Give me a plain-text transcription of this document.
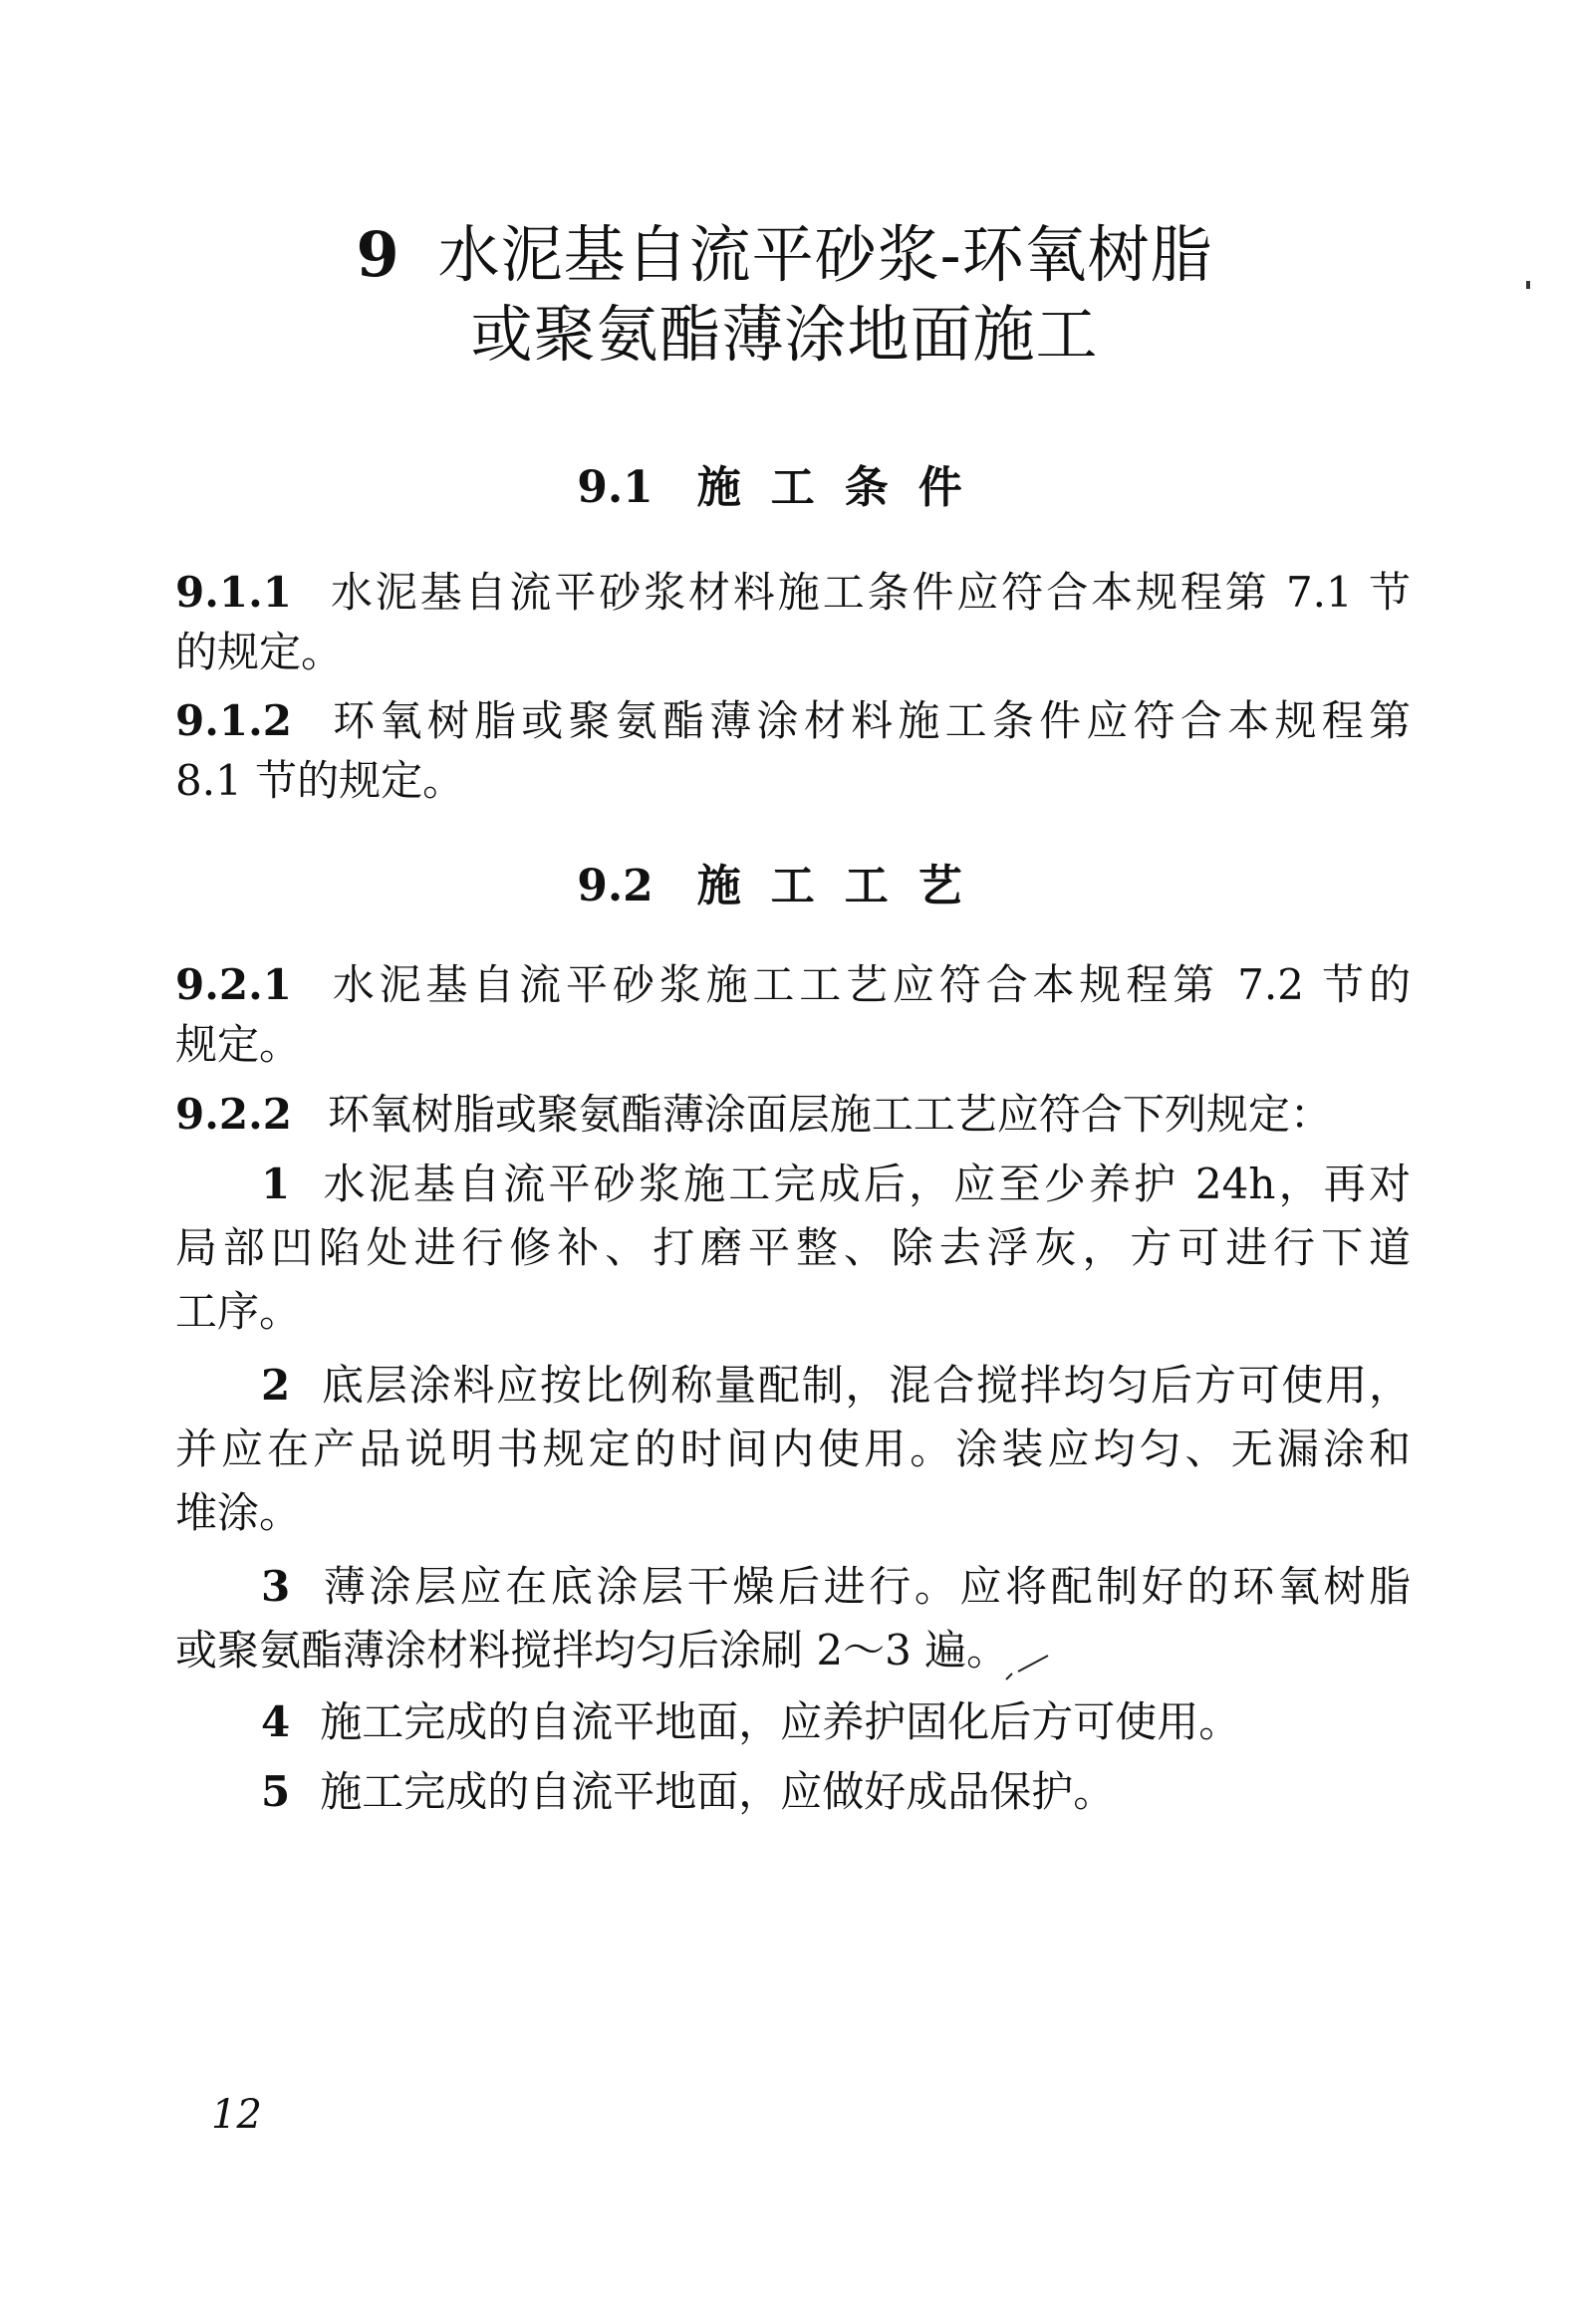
9 水泥基自流平砂浆-环氧树脂
或聚氨酯薄涂地面施工
9.1 施工条件
9.1.1 水泥基自流平砂浆材料施工条件应符合本规程第 7.1 节
的规定。
9.1.2 环氧树脂或聚氨酯薄涂材料施工条件应符合本规程第
8.1 节的规定。
9.2 施工工艺
9.2.1 水泥基自流平砂浆施工工艺应符合本规程第 7.2 节的
规定。
9.2.2 环氧树脂或聚氨酯薄涂面层施工工艺应符合下列规定：
1 水泥基自流平砂浆施工完成后，应至少养护 24h，再对
局部凹陷处进行修补、打磨平整、除去浮灰，方可进行下道
工序。
2 底层涂料应按比例称量配制，混合搅拌均匀后方可使用，
并应在产品说明书规定的时间内使用。涂装应均匀、无漏涂和
堆涂。
3 薄涂层应在底涂层干燥后进行。应将配制好的环氧树脂
或聚氨酯薄涂材料搅拌均匀后涂刷 2～3 遍。
4 施工完成的自流平地面，应养护固化后方可使用。
5 施工完成的自流平地面，应做好成品保护。
12
